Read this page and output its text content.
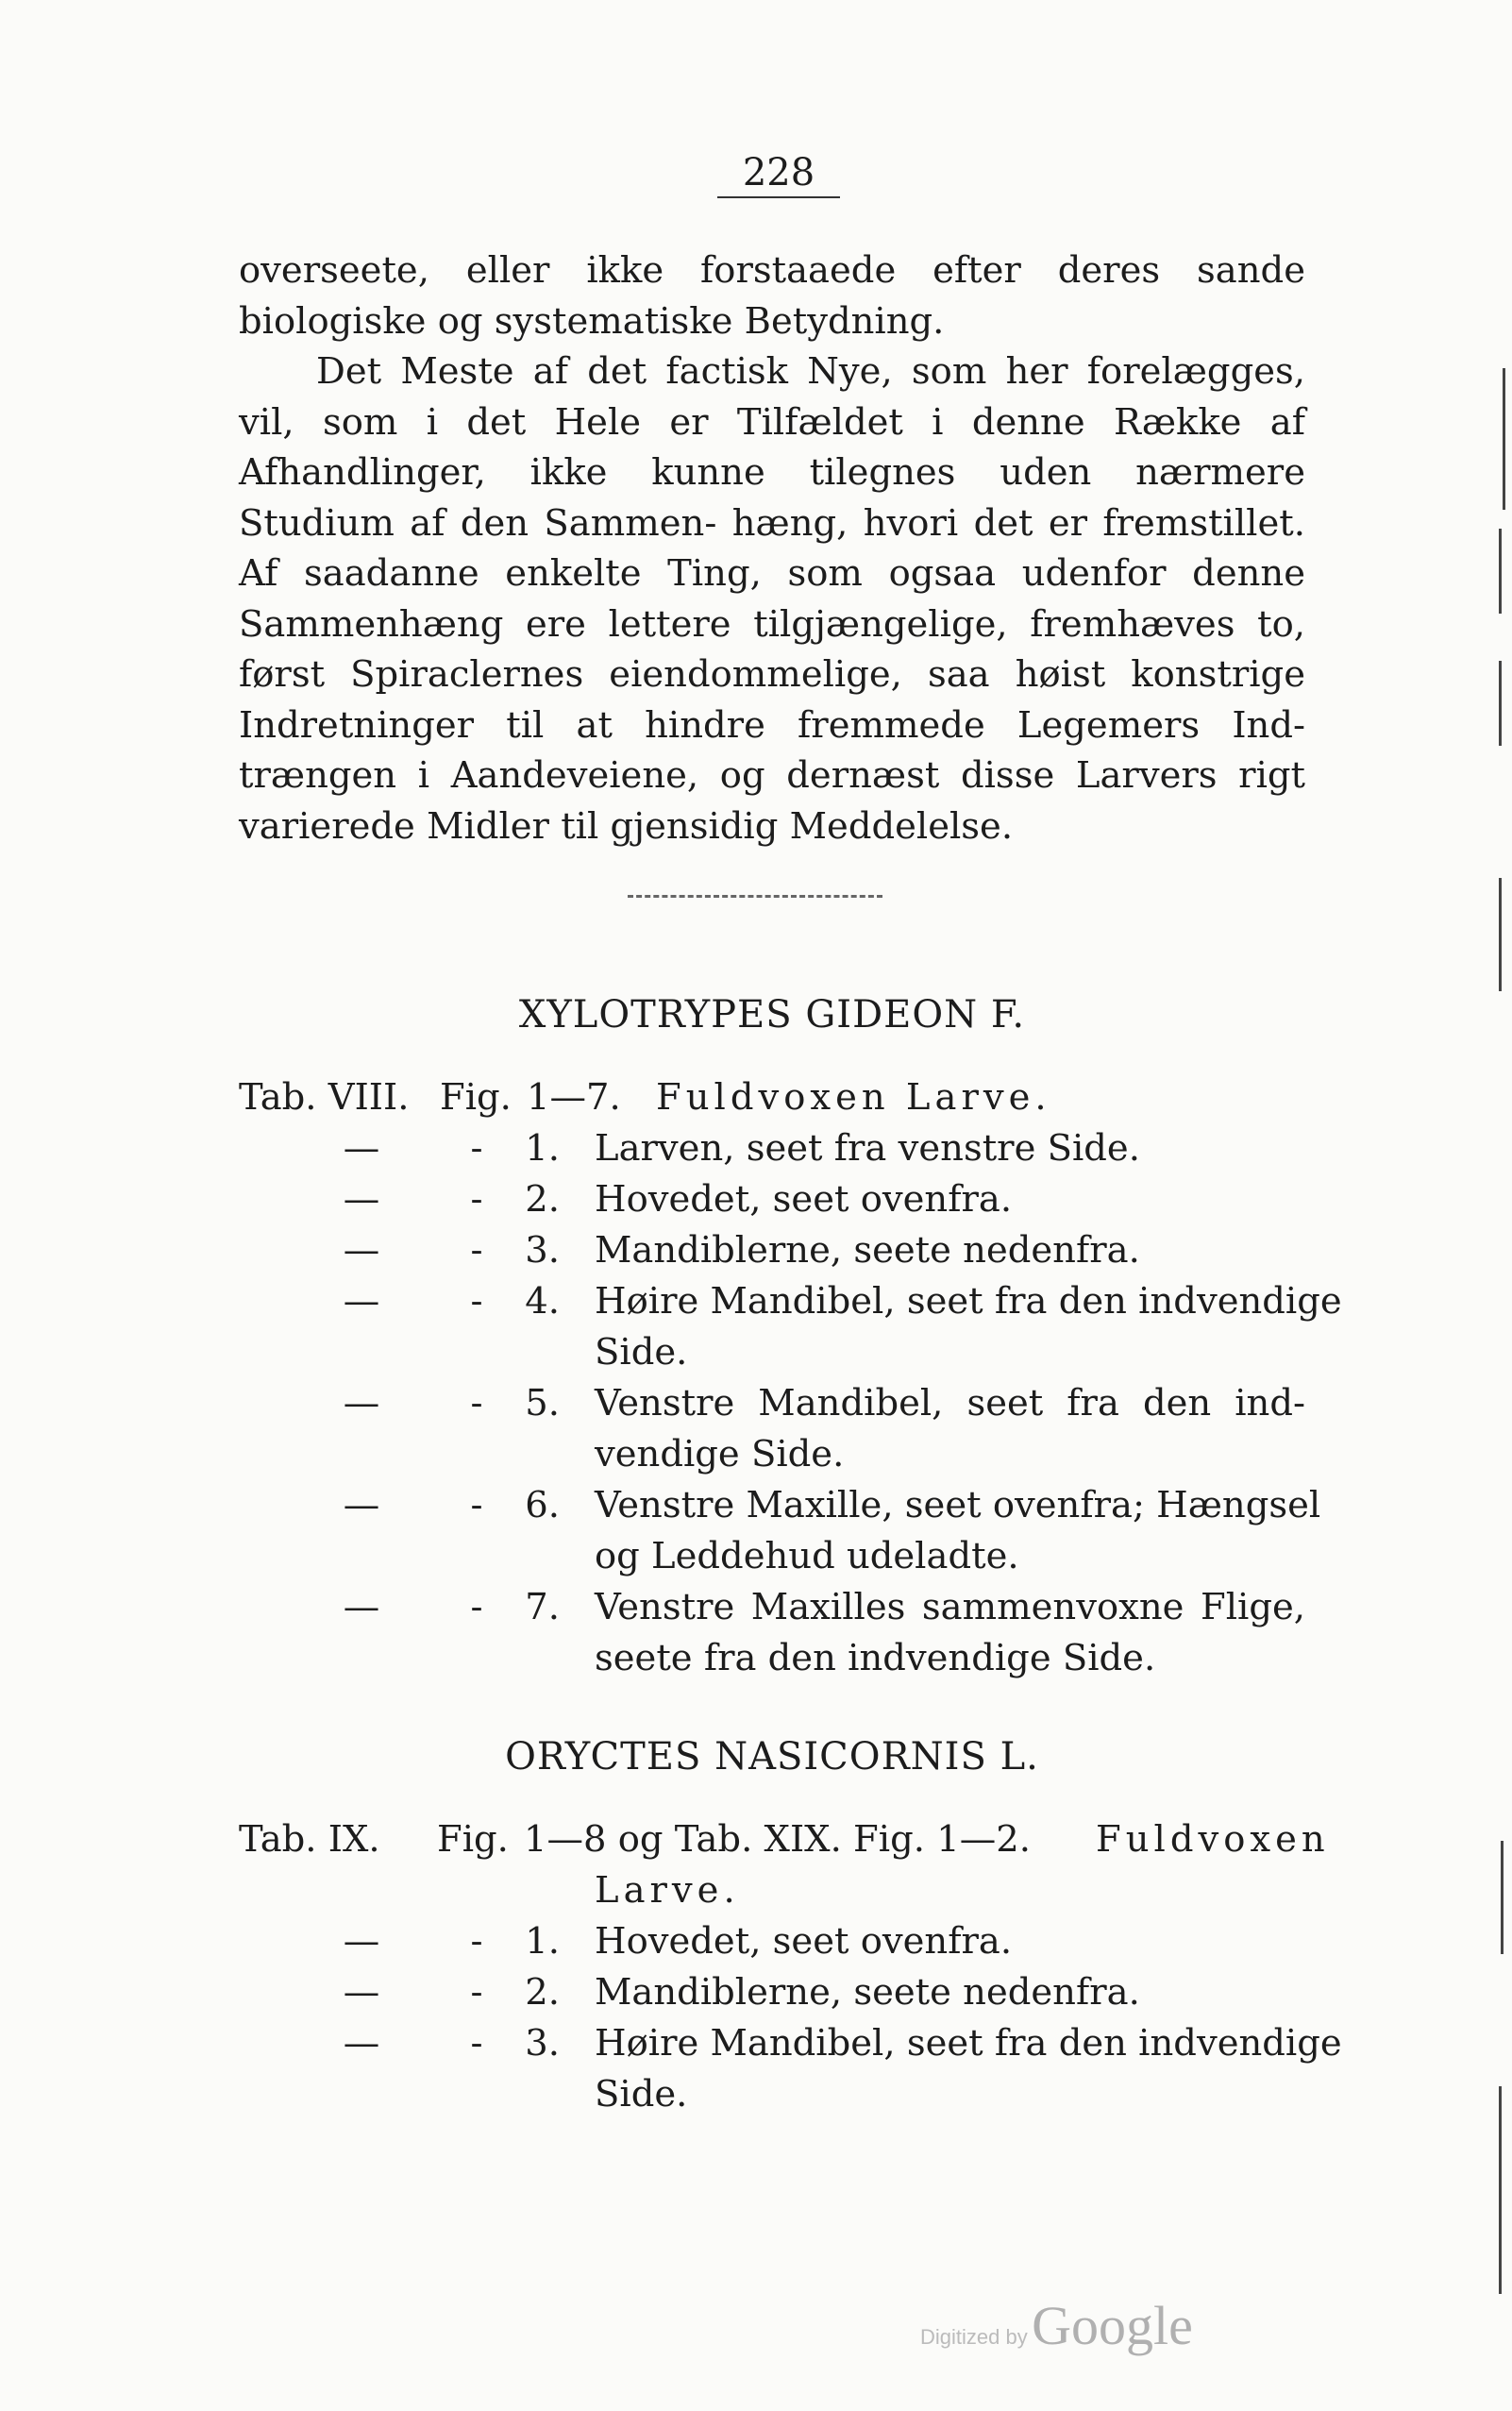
228

overseete, eller ikke forstaaede efter deres sande biologiske og systematiske Betydning.

Det Meste af det factisk Nye, som her forelægges, vil, som i det Hele er Tilfældet i denne Række af Afhandlinger, ikke kunne tilegnes uden nærmere Studium af den Sammen- hæng, hvori det er fremstillet. Af saadanne enkelte Ting, som ogsaa udenfor denne Sammenhæng ere lettere tilgjængelige, fremhæves to, først Spiraclernes eiendommelige, saa høist konstrige Indretninger til at hindre fremmede Legemers Ind- trængen i Aandeveiene, og dernæst disse Larvers rigt varierede Midler til gjensidig Meddelelse.

XYLOTRYPES GIDEON F.
Tab. VIII. Fig. 1—7. Fuldvoxen Larve.
—	-	1. Larven, seet fra venstre Side.
—	-	2. Hovedet, seet ovenfra.
—	-	3. Mandiblerne, seete nedenfra.
—	-	4. Høire Mandibel, seet fra den indvendige
Side.
—	-	5. Venstre Mandibel, seet fra den ind-
vendige Side.
—	-	6. Venstre Maxille, seet ovenfra; Hængsel
og Leddehud udeladte.
—	-	7. Venstre Maxilles sammenvoxne Flige,
seete fra den indvendige Side.
ORYCTES NASICORNIS L.
Tab. IX. Fig. 1—8 og Tab. XIX. Fig. 1—2. Fuldvoxen
Larve.
—	-	1. Hovedet, seet ovenfra.
—	-	2. Mandiblerne, seete nedenfra.
—	-	3. Høire Mandibel, seet fra den indvendige
Side.
Digitized by Google
